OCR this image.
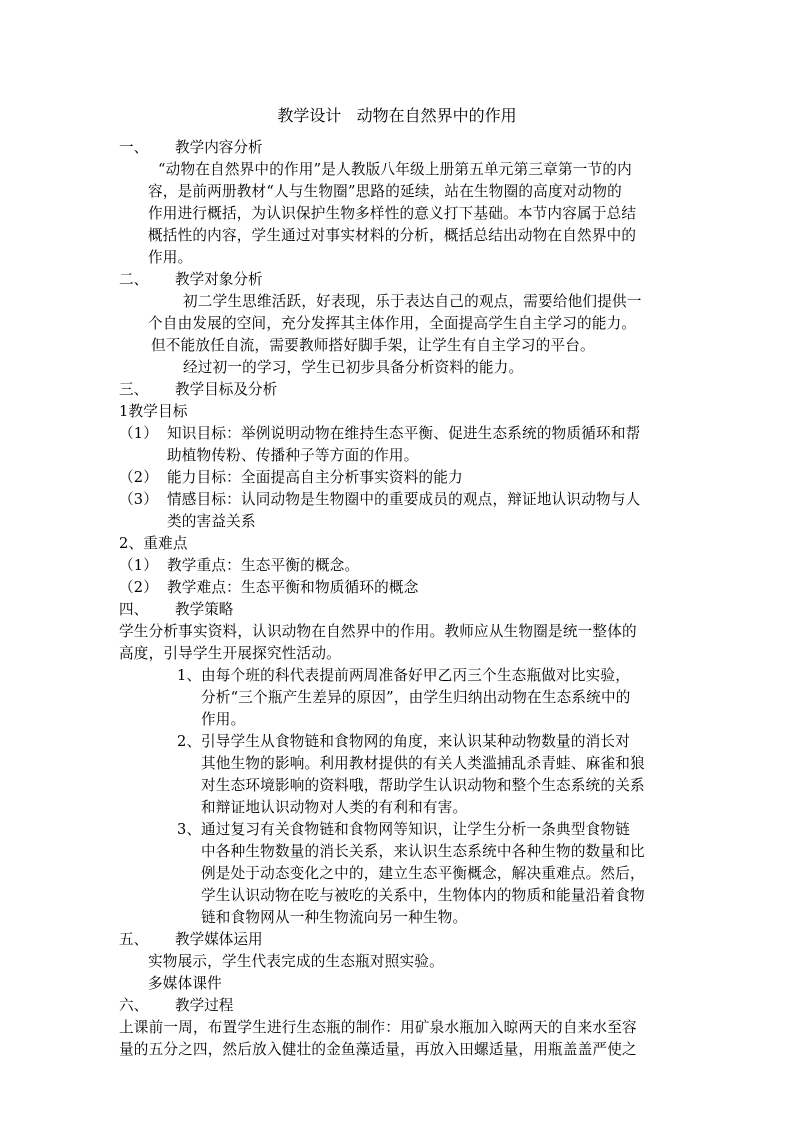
教学设计   动物在自然界中的作用
一、 教学内容分析
“动物在自然界中的作用”是人教版八年级上册第五单元第三章第一节的内
容，是前两册教材“人与生物圈”思路的延续，站在生物圈的高度对动物的
作用进行概括，为认识保护生物多样性的意义打下基础。本节内容属于总结
概括性的内容，学生通过对事实材料的分析，概括总结出动物在自然界中的
作用。
二、 教学对象分析
初二学生思维活跃，好表现，乐于表达自己的观点，需要给他们提供一
个自由发展的空间，充分发挥其主体作用，全面提高学生自主学习的能力。
但不能放任自流，需要教师搭好脚手架，让学生有自主学习的平台。
经过初一的学习，学生已初步具备分析资料的能力。
三、 教学目标及分析
1教学目标
（1） 知识目标：举例说明动物在维持生态平衡、促进生态系统的物质循环和帮
助植物传粉、传播种子等方面的作用。
（2） 能力目标：全面提高自主分析事实资料的能力
（3） 情感目标：认同动物是生物圈中的重要成员的观点，辩证地认识动物与人
类的害益关系
2、重难点
（1） 教学重点：生态平衡的概念。
（2） 教学难点：生态平衡和物质循环的概念
四、 教学策略
学生分析事实资料，认识动物在自然界中的作用。教师应从生物圈是统一整体的
高度，引导学生开展探究性活动。
1、 由每个班的科代表提前两周准备好甲乙丙三个生态瓶做对比实验，
分析“三个瓶产生差异的原因”，由学生归纳出动物在生态系统中的
作用。
2、 引导学生从食物链和食物网的角度，来认识某种动物数量的消长对
其他生物的影响。利用教材提供的有关人类滥捕乱杀青蛙、麻雀和狼
对生态环境影响的资料哦，帮助学生认识动物和整个生态系统的关系
和辩证地认识动物对人类的有利和有害。
3、 通过复习有关食物链和食物网等知识，让学生分析一条典型食物链
中各种生物数量的消长关系，来认识生态系统中各种生物的数量和比
例是处于动态变化之中的，建立生态平衡概念，解决重难点。然后，
学生认识动物在吃与被吃的关系中，生物体内的物质和能量沿着食物
链和食物网从一种生物流向另一种生物。
五、 教学媒体运用
实物展示，学生代表完成的生态瓶对照实验。
多媒体课件
六、 教学过程
上课前一周，布置学生进行生态瓶的制作：用矿泉水瓶加入晾两天的自来水至容
量的五分之四，然后放入健壮的金鱼藻适量，再放入田螺适量，用瓶盖盖严使之
